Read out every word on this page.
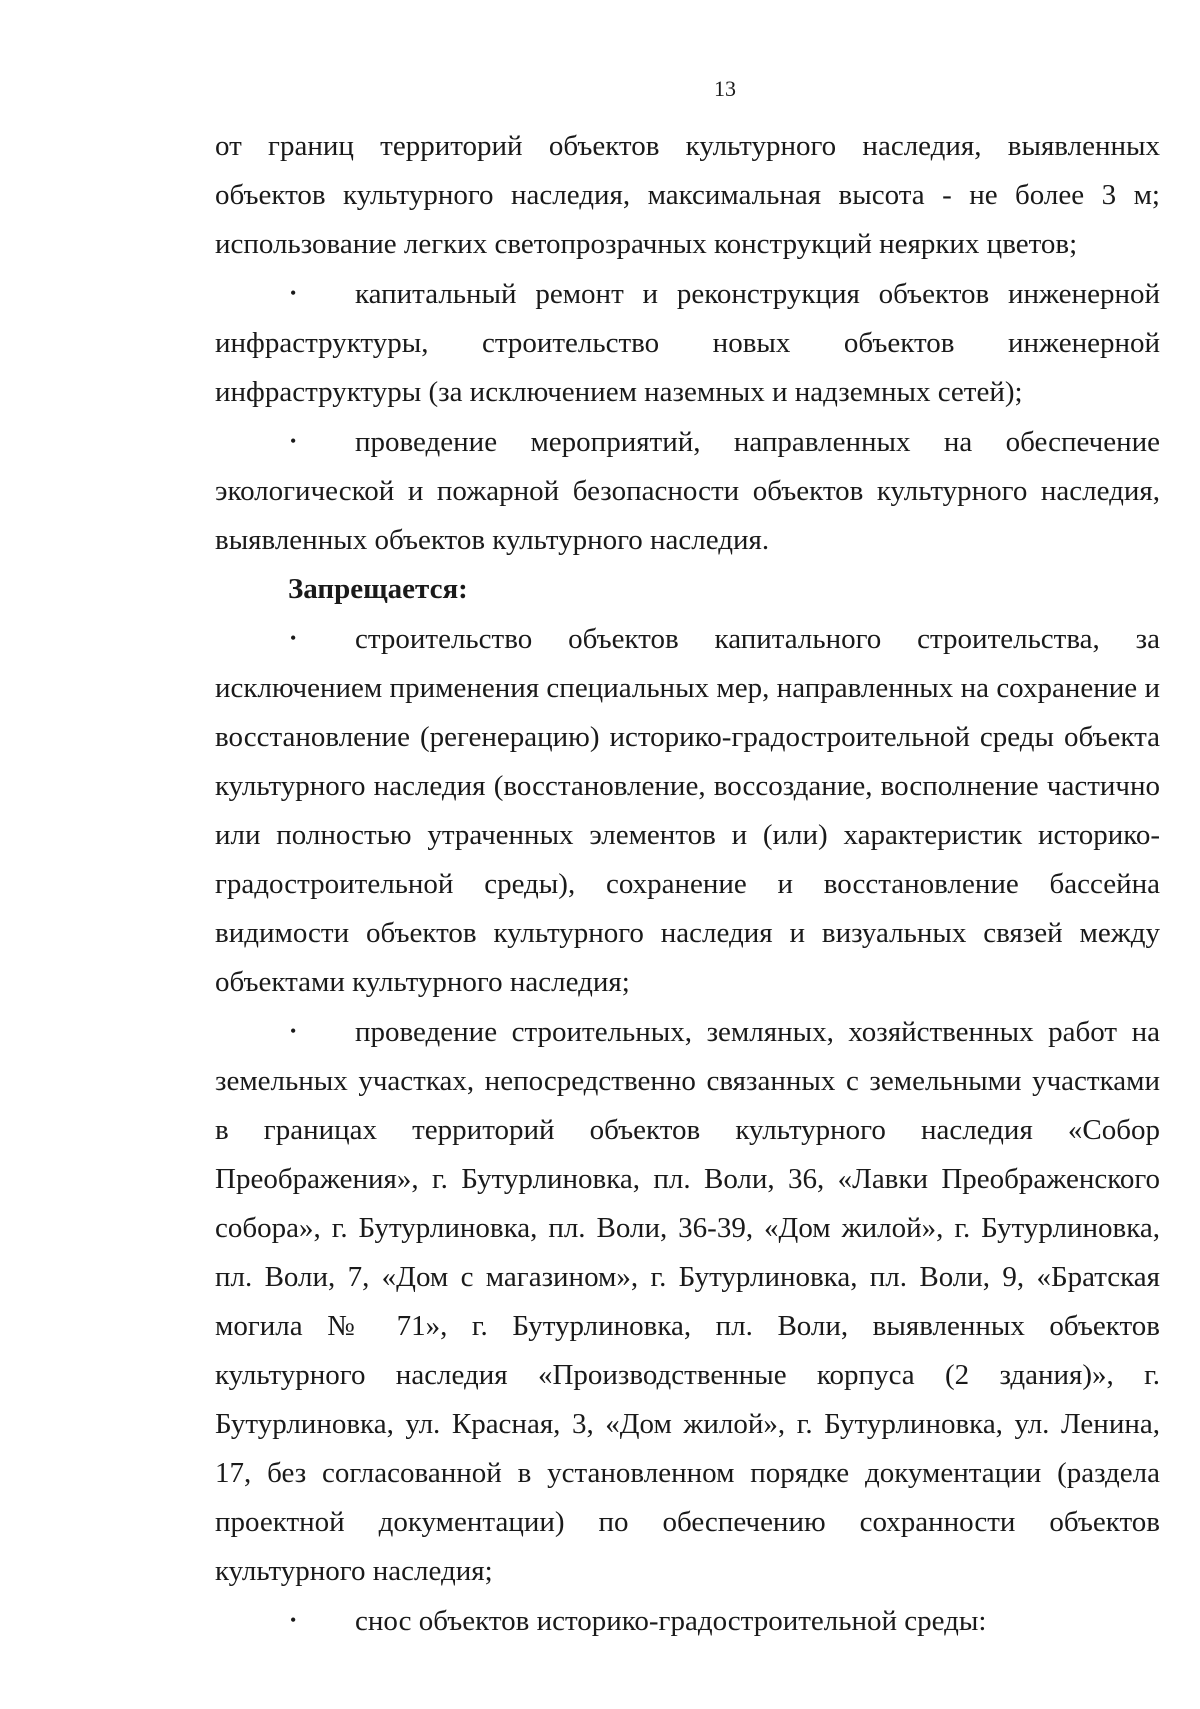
13

от границ территорий объектов культурного наследия, выявленных объектов культурного наследия, максимальная высота - не более 3 м; использование легких светопрозрачных конструкций неярких цветов;

• капитальный ремонт и реконструкция объектов инженерной инфраструктуры, строительство новых объектов инженерной инфраструктуры (за исключением наземных и надземных сетей);

• проведение мероприятий, направленных на обеспечение экологической и пожарной безопасности объектов культурного наследия, выявленных объектов культурного наследия.

Запрещается:

• строительство объектов капитального строительства, за исключением применения специальных мер, направленных на сохранение и восстановление (регенерацию) историко-градостроительной среды объекта культурного наследия (восстановление, воссоздание, восполнение частично или полностью утраченных элементов и (или) характеристик историко-градостроительной среды), сохранение и восстановление бассейна видимости объектов культурного наследия и визуальных связей между объектами культурного наследия;

• проведение строительных, земляных, хозяйственных работ на земельных участках, непосредственно связанных с земельными участками в границах территорий объектов культурного наследия «Собор Преображения», г. Бутурлиновка, пл. Воли, 36, «Лавки Преображенского собора», г. Бутурлиновка, пл. Воли, 36-39, «Дом жилой», г. Бутурлиновка, пл. Воли, 7, «Дом с магазином», г. Бутурлиновка, пл. Воли, 9, «Братская могила № 71», г. Бутурлиновка, пл. Воли, выявленных объектов культурного наследия «Производственные корпуса (2 здания)», г. Бутурлиновка, ул. Красная, 3, «Дом жилой», г. Бутурлиновка, ул. Ленина, 17, без согласованной в установленном порядке документации (раздела проектной документации) по обеспечению сохранности объектов культурного наследия;

• снос объектов историко-градостроительной среды:
